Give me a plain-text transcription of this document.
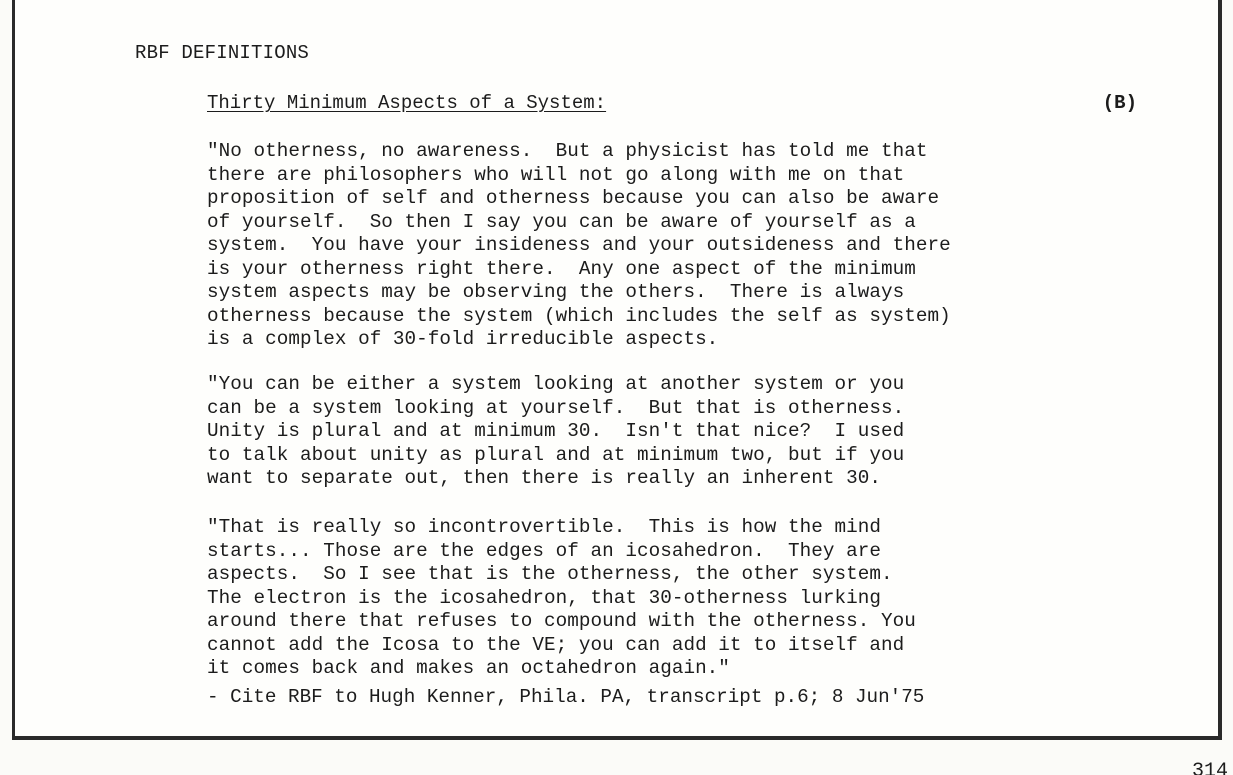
RBF DEFINITIONS
Thirty Minimum Aspects of a System:	(B)

"No otherness, no awareness.  But a physicist has told me that
there are philosophers who will not go along with me on that
proposition of self and otherness because you can also be aware
of yourself.  So then I say you can be aware of yourself as a
system.  You have your insideness and your outsideness and there
is your otherness right there.  Any one aspect of the minimum
system aspects may be observing the others.  There is always
otherness because the system (which includes the self as system)
is a complex of 30-fold irreducible aspects.

"You can be either a system looking at another system or you
can be a system looking at yourself.  But that is otherness.
Unity is plural and at minimum 30.  Isn't that nice?  I used
to talk about unity as plural and at minimum two, but if you
want to separate out, then there is really an inherent 30.

"That is really so incontrovertible.  This is how the mind
starts... Those are the edges of an icosahedron.  They are
aspects.  So I see that is the otherness, the other system.
The electron is the icosahedron, that 30-otherness lurking
around there that refuses to compound with the otherness. You
cannot add the Icosa to the VE; you can add it to itself and
it comes back and makes an octahedron again."

- Cite RBF to Hugh Kenner, Phila. PA, transcript p.6; 8 Jun'75
314
